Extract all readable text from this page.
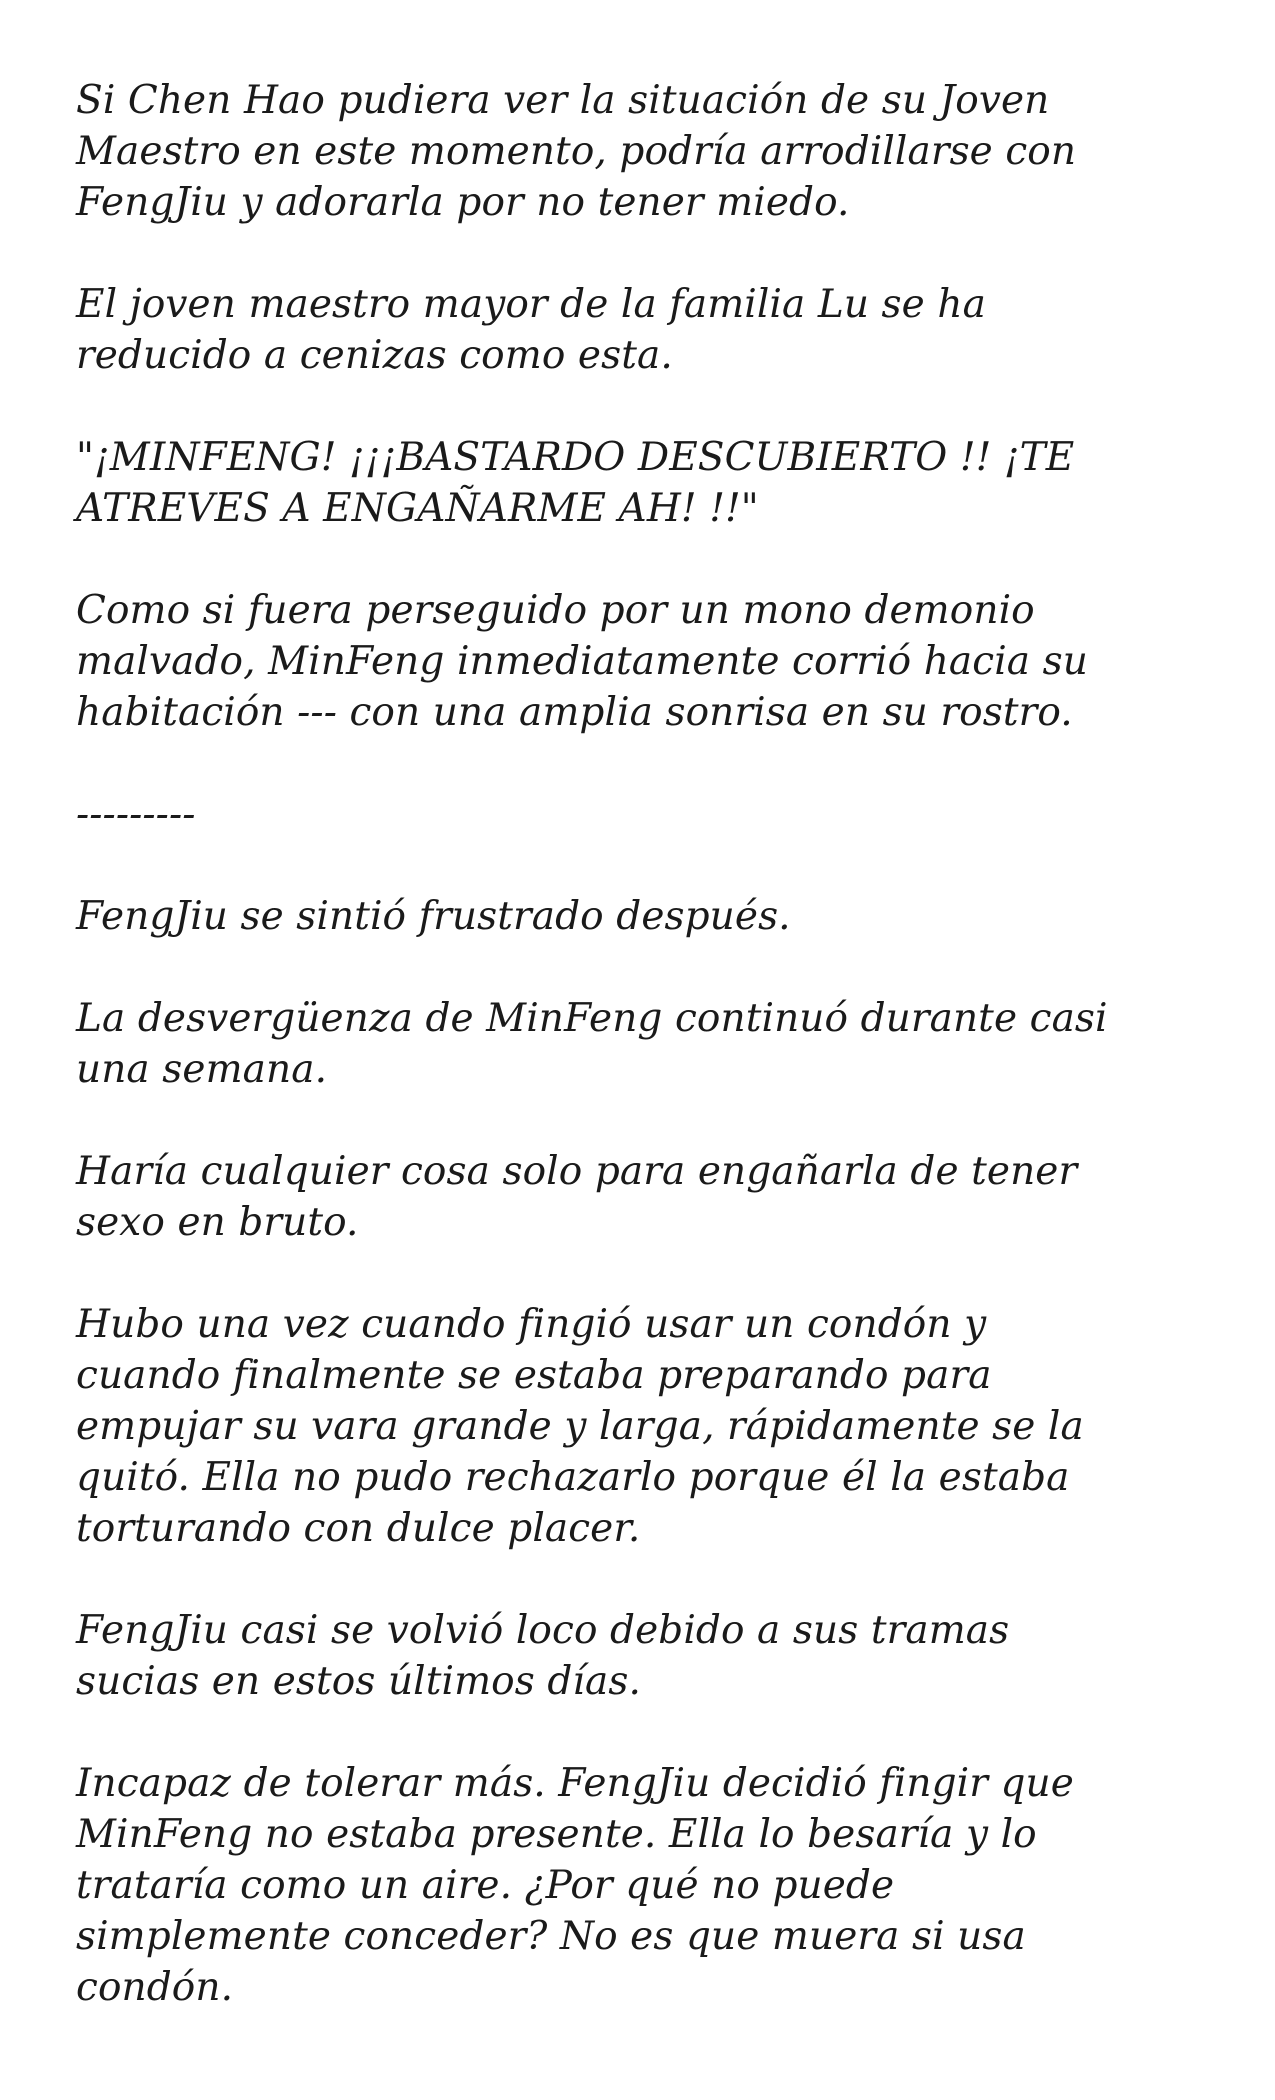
Si Chen Hao pudiera ver la situación de su Joven
Maestro en este momento, podría arrodillarse con
FengJiu y adorarla por no tener miedo.

El joven maestro mayor de la familia Lu se ha
reducido a cenizas como esta.

"¡MINFENG! ¡¡¡BASTARDO DESCUBIERTO !! ¡TE
ATREVES A ENGAÑARME AH! !!"

Como si fuera perseguido por un mono demonio
malvado, MinFeng inmediatamente corrió hacia su
habitación --- con una amplia sonrisa en su rostro.

---------

FengJiu se sintió frustrado después.

La desvergüenza de MinFeng continuó durante casi
una semana.

Haría cualquier cosa solo para engañarla de tener
sexo en bruto.

Hubo una vez cuando fingió usar un condón y
cuando finalmente se estaba preparando para
empujar su vara grande y larga, rápidamente se la
quitó. Ella no pudo rechazarlo porque él la estaba
torturando con dulce placer.

FengJiu casi se volvió loco debido a sus tramas
sucias en estos últimos días.

Incapaz de tolerar más. FengJiu decidió fingir que
MinFeng no estaba presente. Ella lo besaría y lo
trataría como un aire. ¿Por qué no puede
simplemente conceder? No es que muera si usa
condón.
